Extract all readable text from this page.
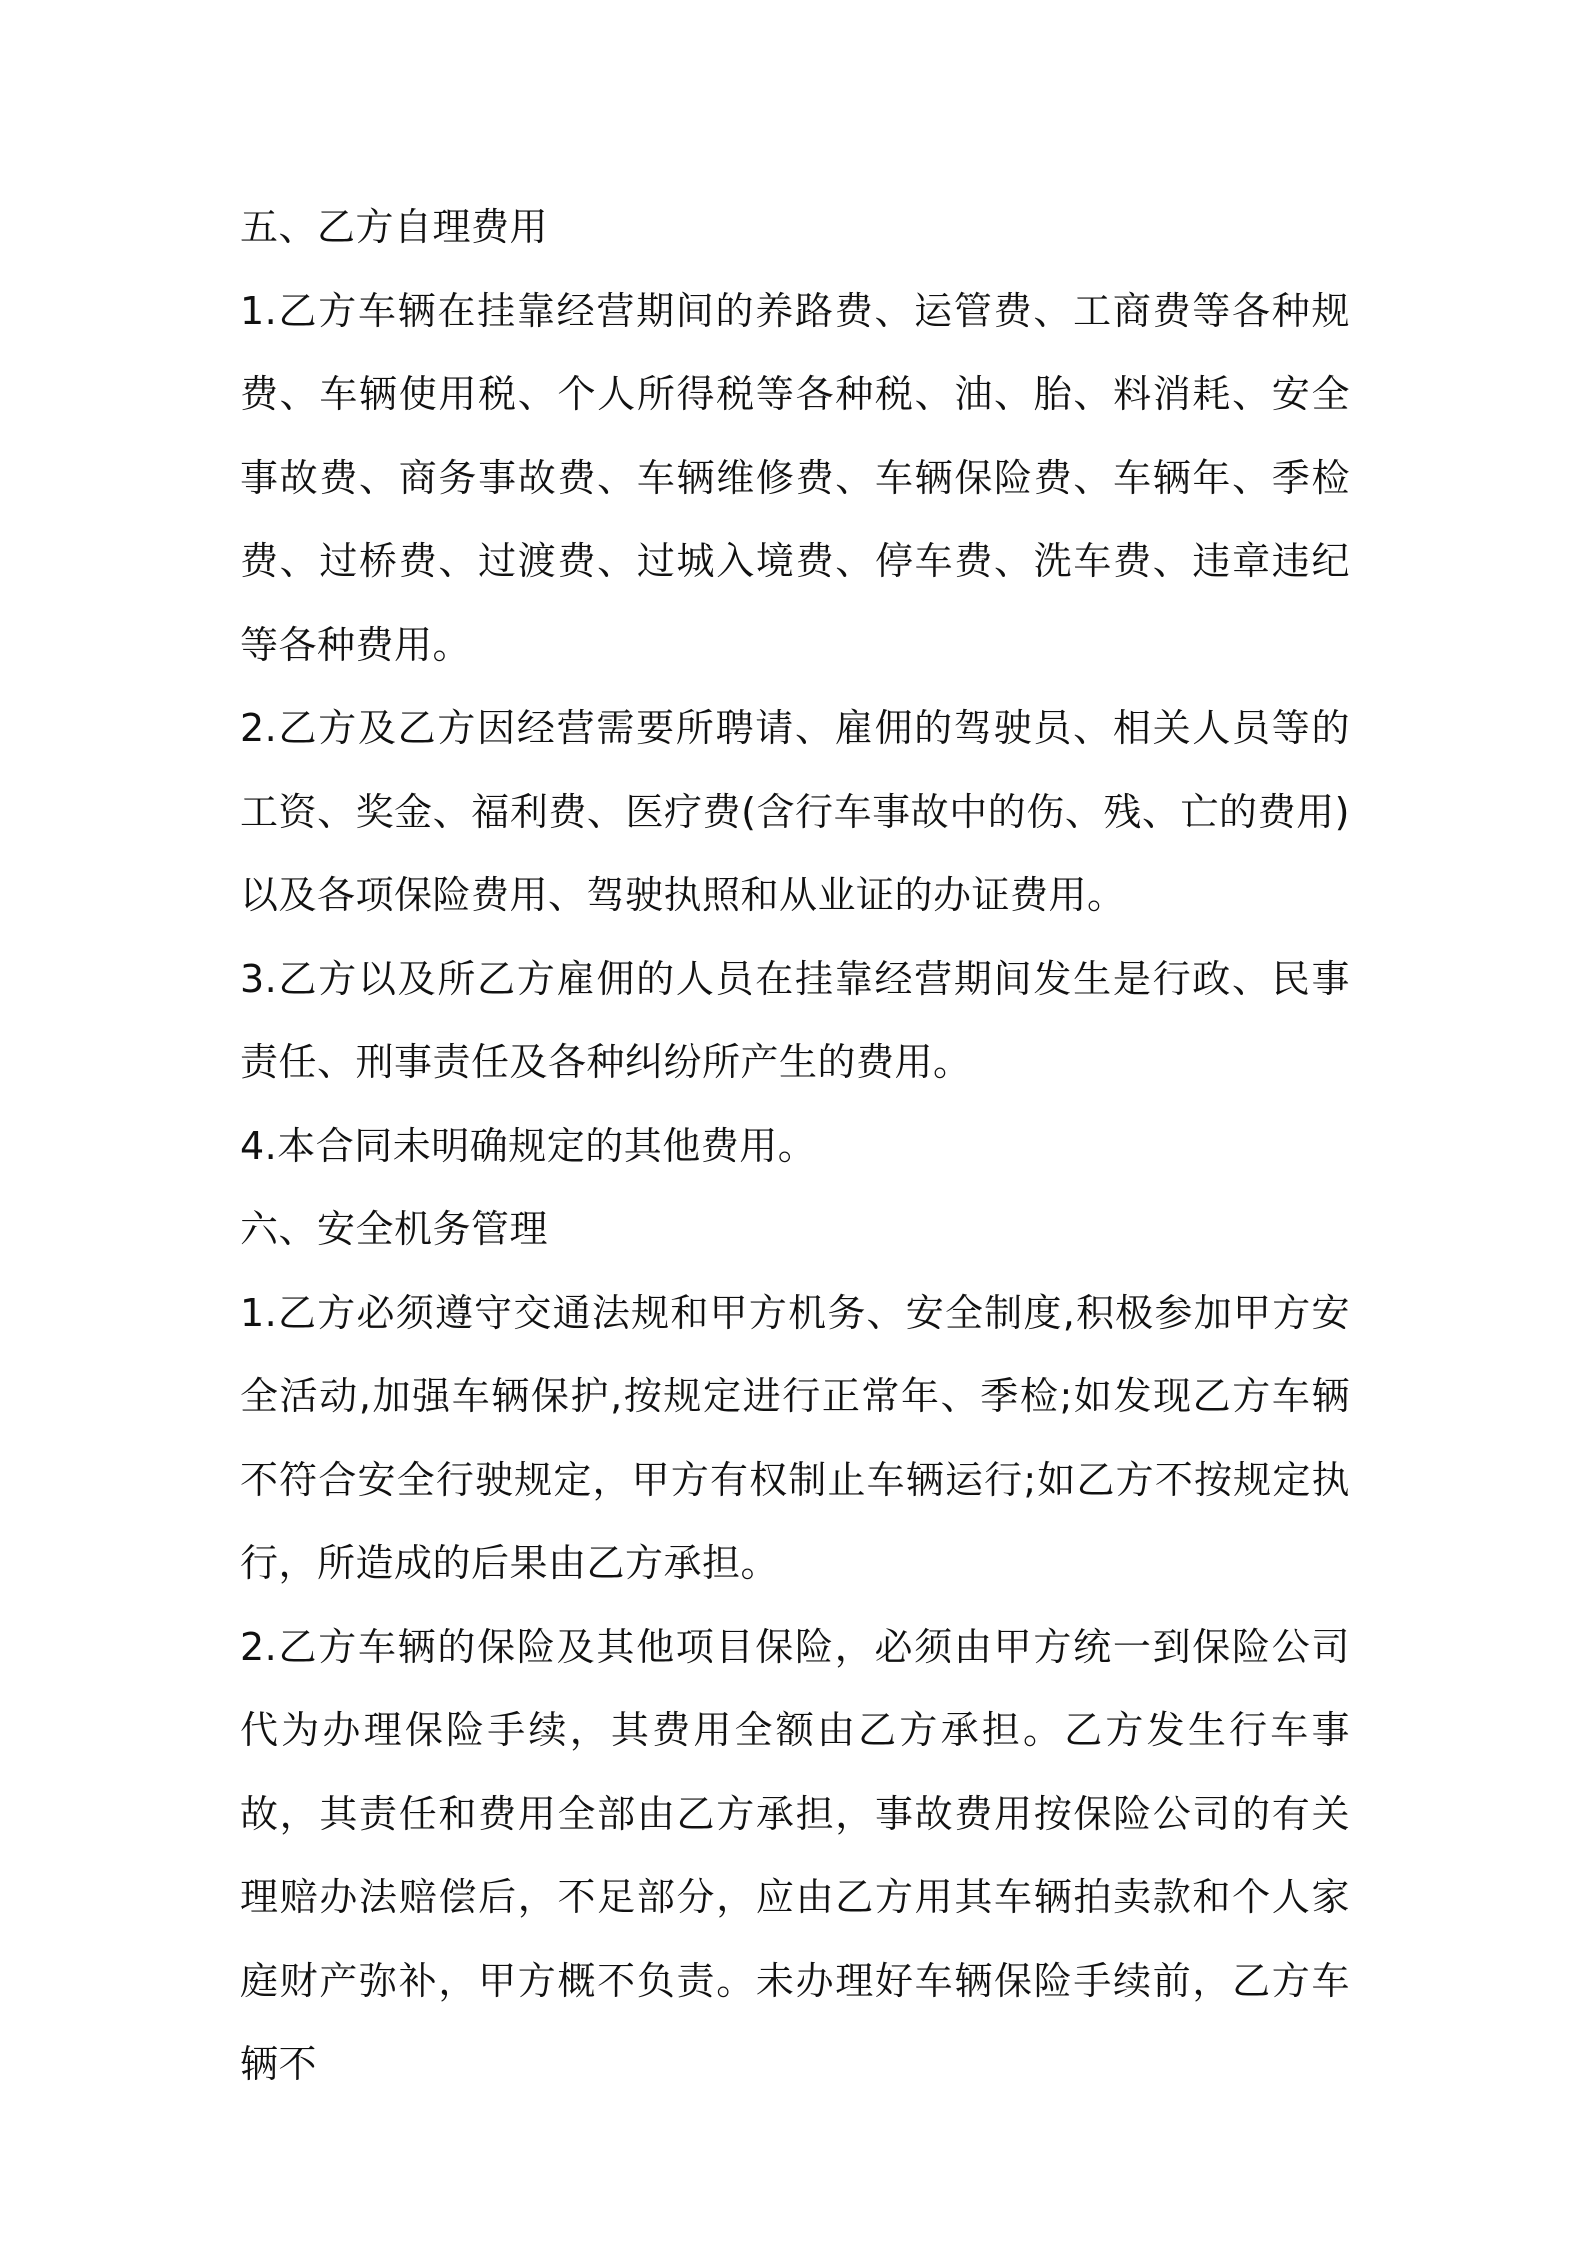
五、乙方自理费用

1.乙方车辆在挂靠经营期间的养路费、运管费、工商费等各种规费、车辆使用税、个人所得税等各种税、油、胎、料消耗、安全事故费、商务事故费、车辆维修费、车辆保险费、车辆年、季检费、过桥费、过渡费、过城入境费、停车费、洗车费、违章违纪等各种费用。

2.乙方及乙方因经营需要所聘请、雇佣的驾驶员、相关人员等的工资、奖金、福利费、医疗费(含行车事故中的伤、残、亡的费用)以及各项保险费用、驾驶执照和从业证的办证费用。

3.乙方以及所乙方雇佣的人员在挂靠经营期间发生是行政、民事责任、刑事责任及各种纠纷所产生的费用。

4.本合同未明确规定的其他费用。

六、安全机务管理

1.乙方必须遵守交通法规和甲方机务、安全制度,积极参加甲方安全活动,加强车辆保护,按规定进行正常年、季检;如发现乙方车辆不符合安全行驶规定，甲方有权制止车辆运行;如乙方不按规定执行，所造成的后果由乙方承担。

2.乙方车辆的保险及其他项目保险，必须由甲方统一到保险公司代为办理保险手续，其费用全额由乙方承担。乙方发生行车事故，其责任和费用全部由乙方承担，事故费用按保险公司的有关理赔办法赔偿后，不足部分，应由乙方用其车辆拍卖款和个人家庭财产弥补，甲方概不负责。未办理好车辆保险手续前，乙方车辆不
